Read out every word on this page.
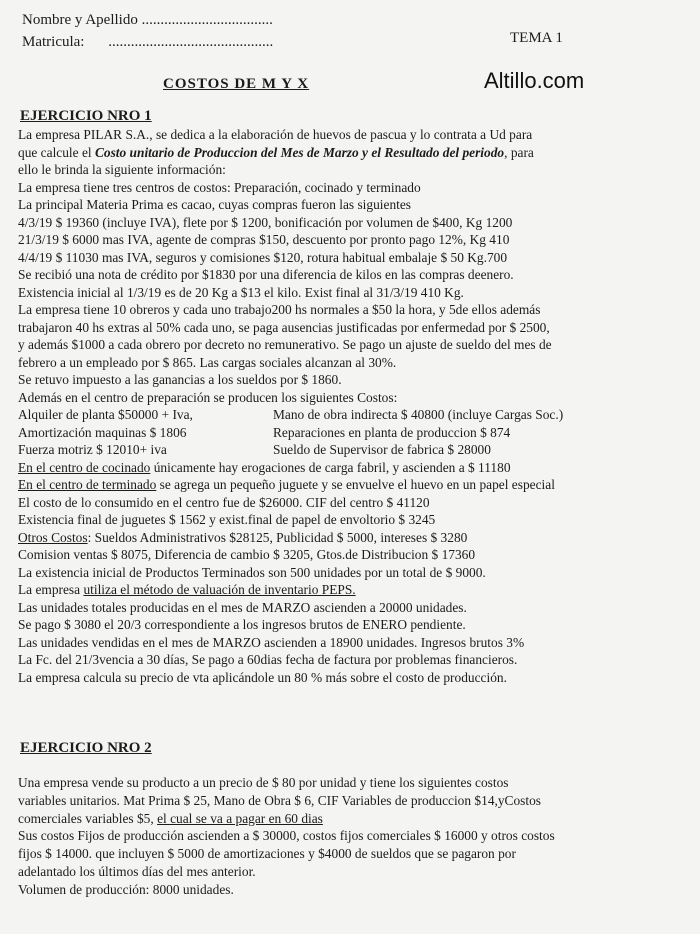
Nombre y Apellido ...................................
Matricula: ............................................	TEMA 1
COSTOS DE M Y X	Altillo.com
EJERCICIO NRO 1
La empresa PILAR S.A., se dedica a la elaboración de huevos de pascua y lo contrata a Ud para
que calcule el Costo unitario de Produccion del Mes de Marzo y el Resultado del periodo, para
ello le brinda la siguiente información:
La empresa tiene tres centros de costos: Preparación, cocinado y terminado
La principal Materia Prima es cacao, cuyas compras fueron las siguientes
4/3/19 $ 19360 (incluye IVA), flete por $ 1200, bonificación por volumen de $400, Kg 1200
21/3/19 $ 6000 mas IVA, agente de compras $150, descuento por pronto pago 12%, Kg 410
4/4/19 $ 11030 mas IVA, seguros y comisiones $120, rotura habitual embalaje $ 50 Kg.700
Se recibió una nota de crédito por $1830 por una diferencia de kilos en las compras deenero.
Existencia inicial al 1/3/19 es de 20 Kg a $13 el kilo. Exist final al 31/3/19 410 Kg.
La empresa tiene 10 obreros y cada uno trabajo200 hs normales a $50 la hora, y 5de ellos además
trabajaron 40 hs extras al 50% cada uno, se paga ausencias justificadas por enfermedad por $ 2500,
y además $1000 a cada obrero por decreto no remunerativo. Se pago un ajuste de sueldo del mes de
febrero a un empleado por $ 865. Las cargas sociales alcanzan al 30%.
Se retuvo impuesto a las ganancias a los sueldos por $ 1860.
Además en el centro de preparación se producen los siguientes Costos:
Alquiler de planta $50000 + Iva,	Mano de obra indirecta $ 40800 (incluye Cargas Soc.)
Amortización maquinas $ 1806	Reparaciones en planta de produccion $ 874
Fuerza motriz $ 12010+ iva	Sueldo de Supervisor de fabrica $ 28000
En el centro de cocinado únicamente hay erogaciones de carga fabril, y ascienden a $ 11180
En el centro de terminado se agrega un pequeño juguete y se envuelve el huevo en un papel especial
El costo de lo consumido en el centro fue de $26000. CIF del centro $ 41120
Existencia final de juguetes $ 1562 y exist.final de papel de envoltorio $ 3245
Otros Costos: Sueldos Administrativos $28125, Publicidad $ 5000, intereses $ 3280
Comision ventas $ 8075, Diferencia de cambio $ 3205, Gtos.de Distribucion $ 17360
La existencia inicial de Productos Terminados son 500 unidades por un total de $ 9000.
La empresa utiliza el método de valuación de inventario PEPS.
Las unidades totales producidas en el mes de MARZO ascienden a 20000 unidades.
Se pago $ 3080 el 20/3 correspondiente a los ingresos brutos de ENERO pendiente.
Las unidades vendidas en el mes de MARZO ascienden a 18900 unidades. Ingresos brutos 3%
La Fc. del 21/3vencia a 30 días, Se pago a 60dias fecha de factura por problemas financieros.
La empresa calcula su precio de vta aplicándole un 80 % más sobre el costo de producción.
EJERCICIO NRO 2
Una empresa vende su producto a un precio de $ 80 por unidad y tiene los siguientes costos
variables unitarios. Mat Prima $ 25, Mano de Obra $ 6, CIF Variables de produccion $14,yCostos
comerciales variables $5, el cual se va a pagar en 60 dias
Sus costos Fijos de producción ascienden a $ 30000, costos fijos comerciales $ 16000 y otros costos
fijos $ 14000. que incluyen $ 5000 de amortizaciones y $4000 de sueldos que se pagaron por
adelantado los últimos días del mes anterior.
Volumen de producción: 8000 unidades.
